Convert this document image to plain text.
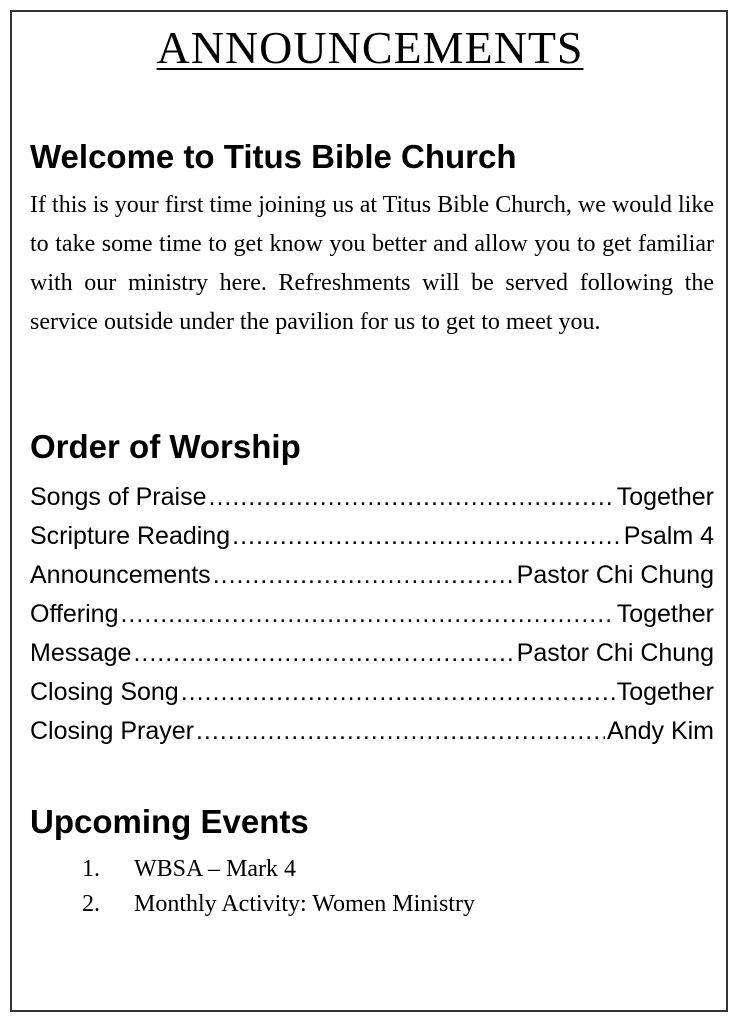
ANNOUNCEMENTS
Welcome to Titus Bible Church

If this is your first time joining us at Titus Bible Church, we would like to take some time to get know you better and allow you to get familiar with our ministry here. Refreshments will be served following the service outside under the pavilion for us to get to meet you.

Order of Worship
Songs of Praise .....	Together
Scripture Reading .....	Psalm 4
Announcements .....	Pastor Chi Chung
Offering .....	Together
Message .....	Pastor Chi Chung
Closing Song .....	Together
Closing Prayer .....	Andy Kim
Upcoming Events
1.	WBSA – Mark 4
2.	Monthly Activity: Women Ministry
